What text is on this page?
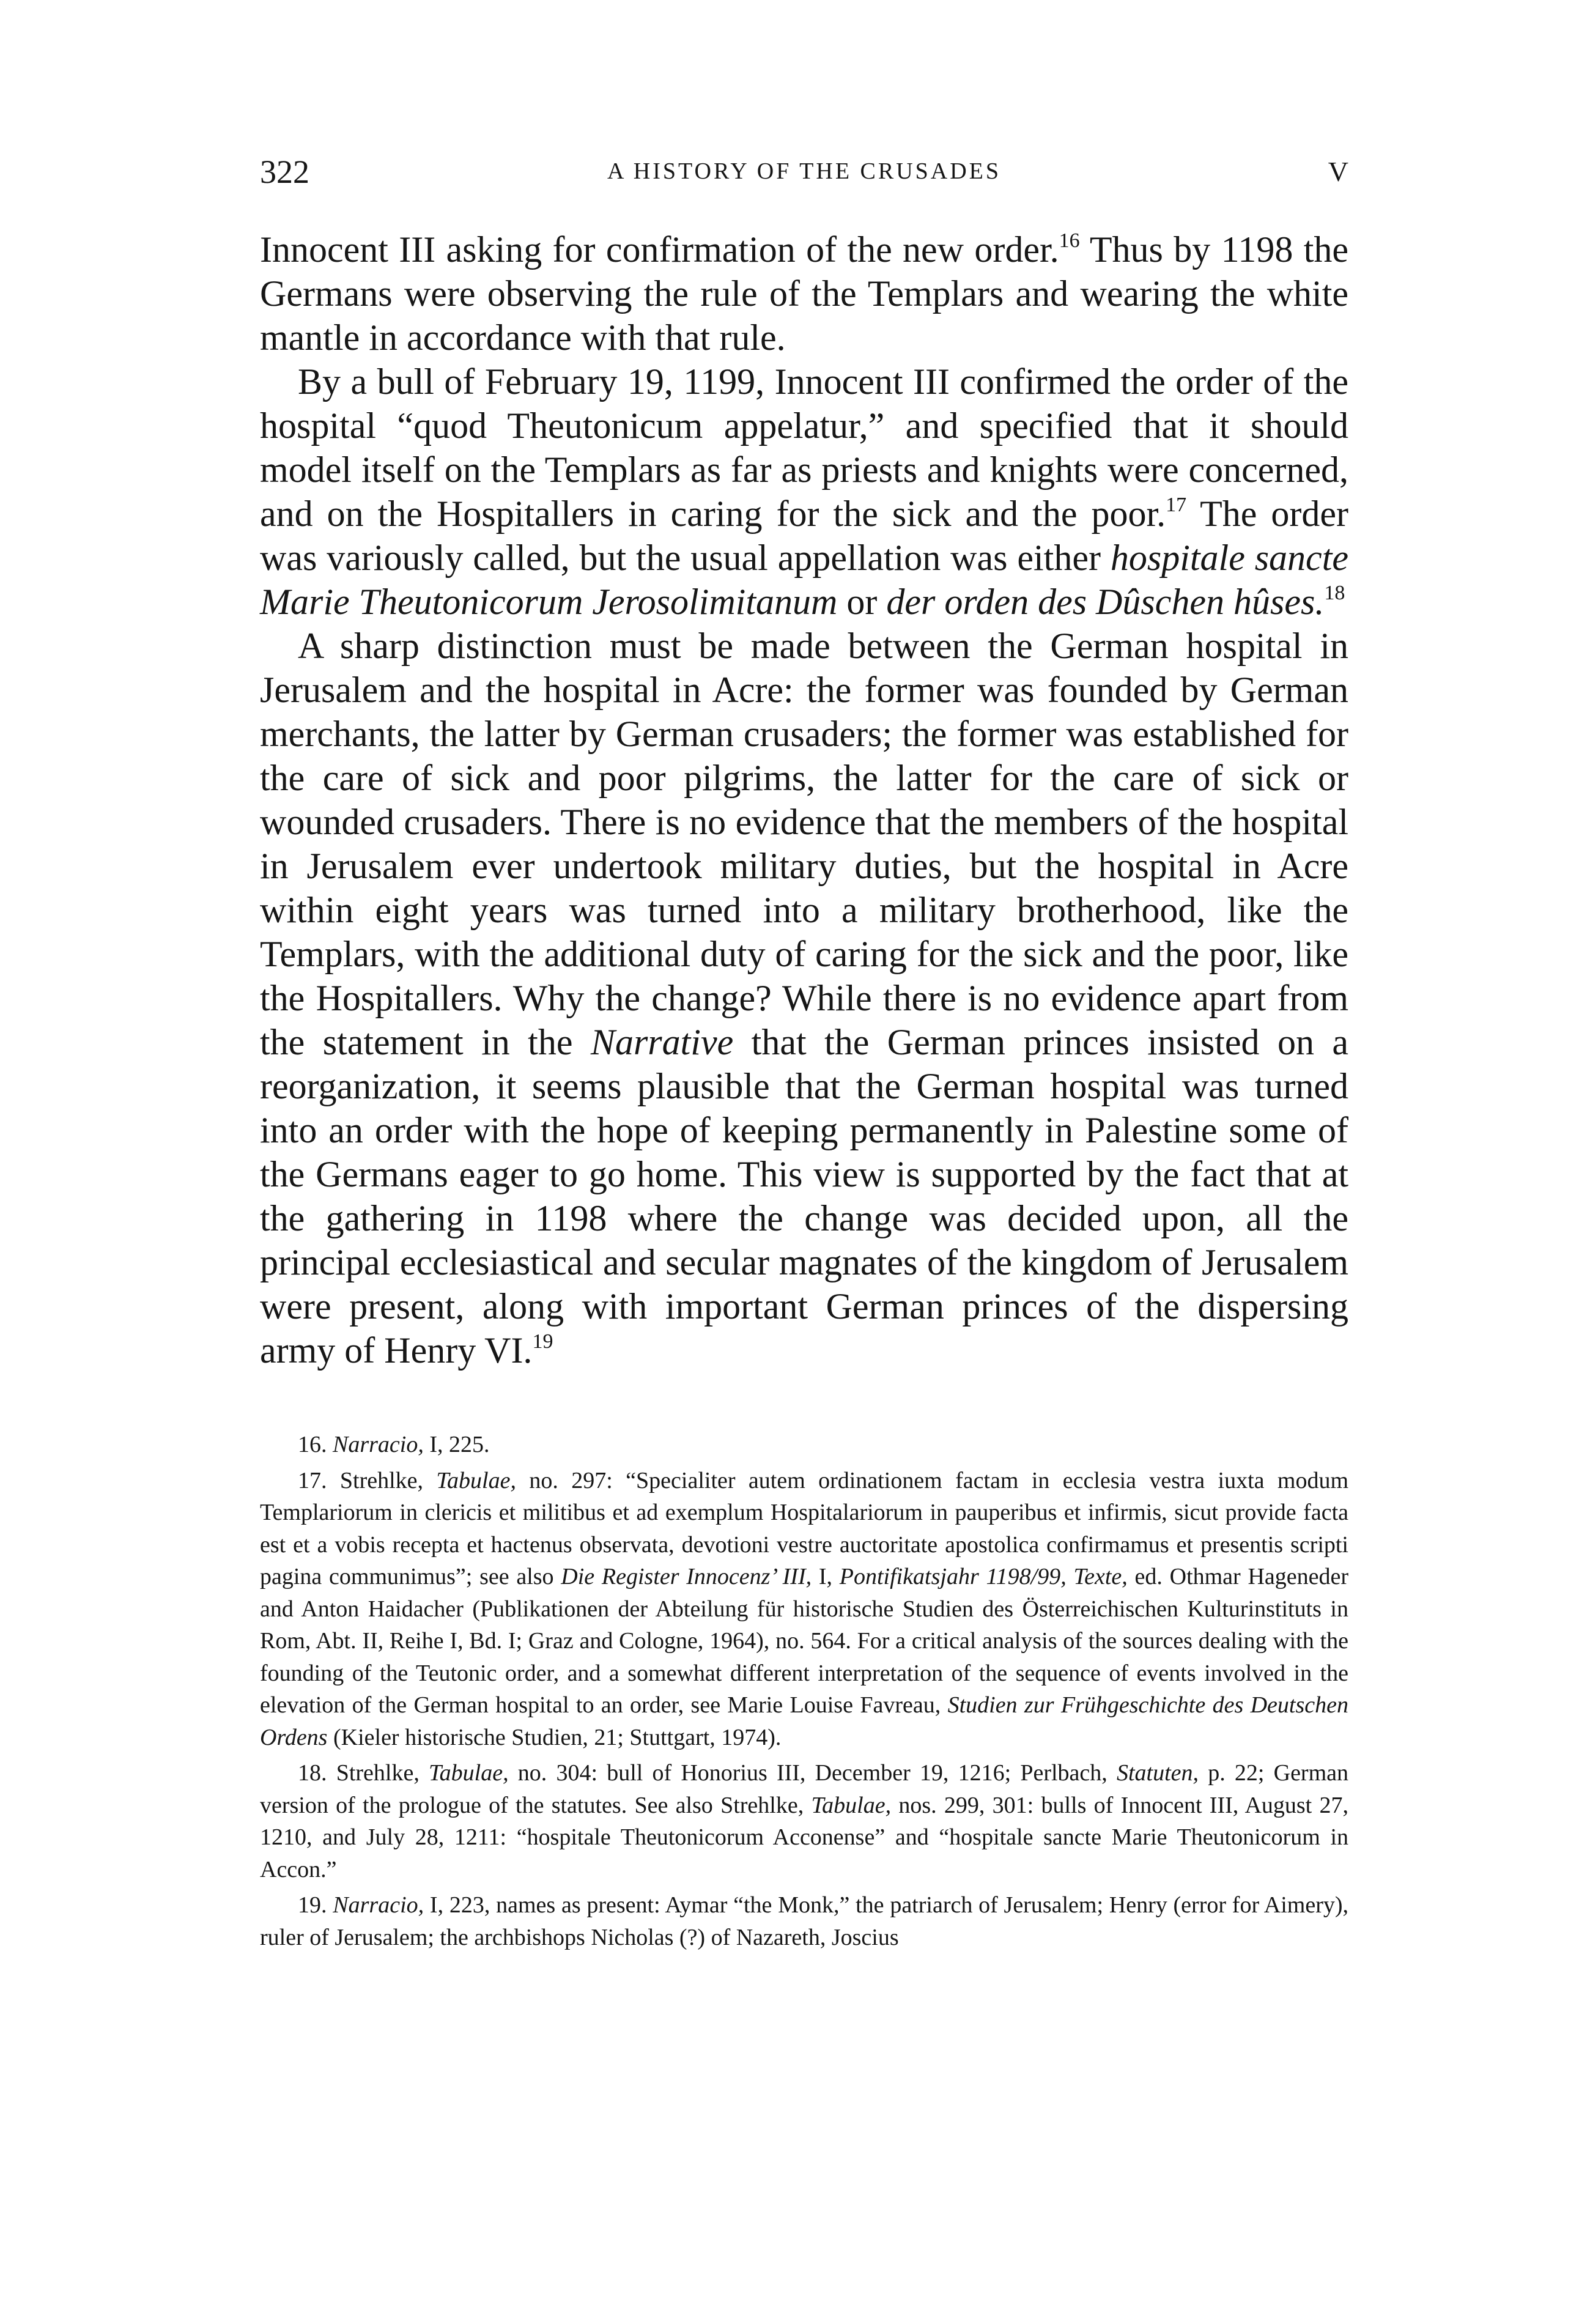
322	A HISTORY OF THE CRUSADES	V

Innocent III asking for confirmation of the new order.$^{16}$ Thus by 1198 the Germans were observing the rule of the Templars and wearing the white mantle in accordance with that rule.

By a bull of February 19, 1199, Innocent III confirmed the order of the hospital “quod Theutonicum appelatur,” and specified that it should model itself on the Templars as far as priests and knights were concerned, and on the Hospitallers in caring for the sick and the poor.$^{17}$ The order was variously called, but the usual appellation was either hospitale sancte Marie Theutonicorum Jerosolimitanum or der orden des Dûschen hûses.$^{18}$

A sharp distinction must be made between the German hospital in Jerusalem and the hospital in Acre: the former was founded by German merchants, the latter by German crusaders; the former was established for the care of sick and poor pilgrims, the latter for the care of sick or wounded crusaders. There is no evidence that the members of the hospital in Jerusalem ever undertook military duties, but the hospital in Acre within eight years was turned into a military brotherhood, like the Templars, with the additional duty of caring for the sick and the poor, like the Hospitallers. Why the change? While there is no evidence apart from the statement in the Narrative that the German princes insisted on a reorganization, it seems plausible that the German hospital was turned into an order with the hope of keeping permanently in Palestine some of the Germans eager to go home. This view is supported by the fact that at the gathering in 1198 where the change was decided upon, all the principal ecclesiastical and secular magnates of the kingdom of Jerusalem were present, along with important German princes of the dispersing army of Henry VI.$^{19}$

16. Narracio, I, 225.

17. Strehlke, Tabulae, no. 297: “Specialiter autem ordinationem factam in ecclesia vestra iuxta modum Templariorum in clericis et militibus et ad exemplum Hospitalariorum in pauperibus et infirmis, sicut provide facta est et a vobis recepta et hactenus observata, devotioni vestre auctoritate apostolica confirmamus et presentis scripti pagina communimus”; see also Die Register Innocenz’ III, I, Pontifikatsjahr 1198/99, Texte, ed. Othmar Hageneder and Anton Haidacher (Publikationen der Abteilung für historische Studien des Österreichischen Kulturinstituts in Rom, Abt. II, Reihe I, Bd. I; Graz and Cologne, 1964), no. 564. For a critical analysis of the sources dealing with the founding of the Teutonic order, and a somewhat different interpretation of the sequence of events involved in the elevation of the German hospital to an order, see Marie Louise Favreau, Studien zur Frühgeschichte des Deutschen Ordens (Kieler historische Studien, 21; Stuttgart, 1974).

18. Strehlke, Tabulae, no. 304: bull of Honorius III, December 19, 1216; Perlbach, Statuten, p. 22; German version of the prologue of the statutes. See also Strehlke, Tabulae, nos. 299, 301: bulls of Innocent III, August 27, 1210, and July 28, 1211: “hospitale Theutonicorum Acconense” and “hospitale sancte Marie Theutonicorum in Accon.”

19. Narracio, I, 223, names as present: Aymar “the Monk,” the patriarch of Jerusalem; Henry (error for Aimery), ruler of Jerusalem; the archbishops Nicholas (?) of Nazareth, Joscius
